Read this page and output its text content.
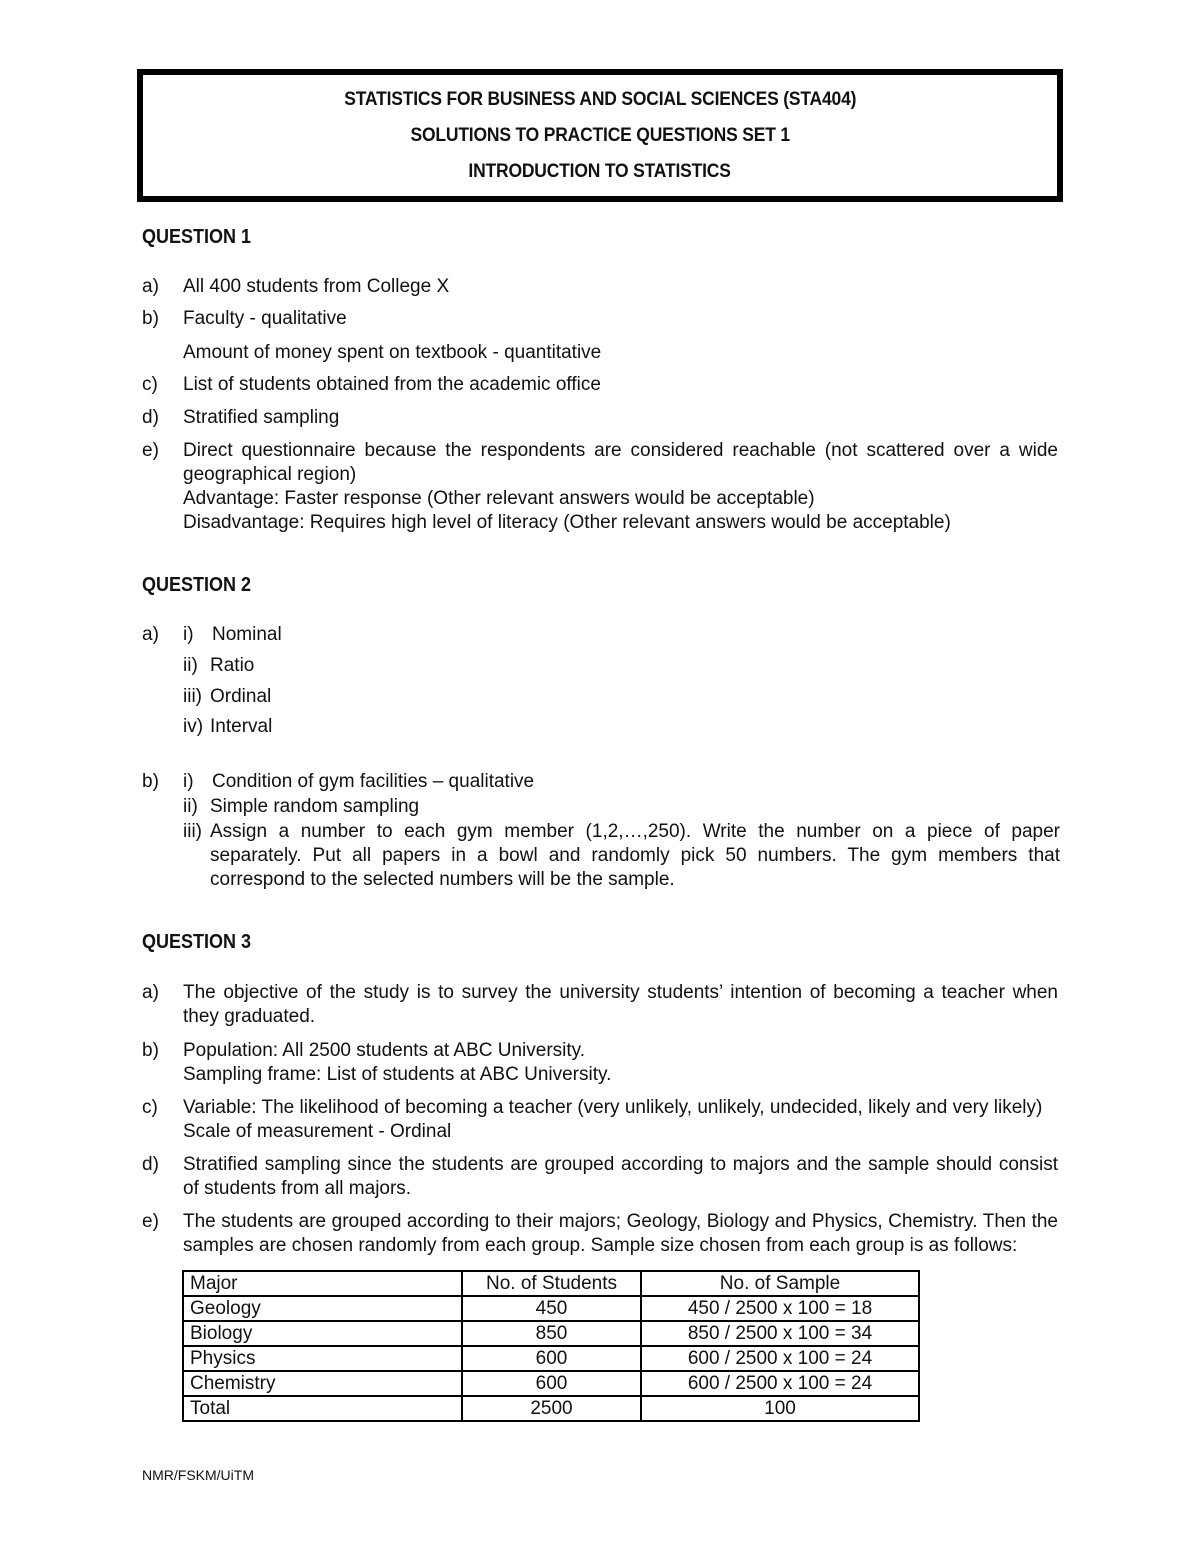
STATISTICS FOR BUSINESS AND SOCIAL SCIENCES (STA404)
SOLUTIONS TO PRACTICE QUESTIONS SET 1
INTRODUCTION TO STATISTICS
QUESTION 1
a) All 400 students from College X
b) Faculty - qualitative
Amount of money spent on textbook - quantitative
c) List of students obtained from the academic office
d) Stratified sampling
e) Direct questionnaire because the respondents are considered reachable (not scattered over a wide geographical region)
Advantage: Faster response (Other relevant answers would be acceptable)
Disadvantage: Requires high level of literacy (Other relevant answers would be acceptable)
QUESTION 2
a) i) Nominal
ii) Ratio
iii) Ordinal
iv) Interval
b) i) Condition of gym facilities – qualitative
ii) Simple random sampling
iii) Assign a number to each gym member (1,2,…,250). Write the number on a piece of paper separately. Put all papers in a bowl and randomly pick 50 numbers. The gym members that correspond to the selected numbers will be the sample.
QUESTION 3
a) The objective of the study is to survey the university students’ intention of becoming a teacher when they graduated.
b) Population: All 2500 students at ABC University.
Sampling frame: List of students at ABC University.
c) Variable: The likelihood of becoming a teacher (very unlikely, unlikely, undecided, likely and very likely)
Scale of measurement - Ordinal
d) Stratified sampling since the students are grouped according to majors and the sample should consist of students from all majors.
e) The students are grouped according to their majors; Geology, Biology and Physics, Chemistry. Then the samples are chosen randomly from each group. Sample size chosen from each group is as follows:
Major	No. of Students	No. of Sample
Geology	450	450 / 2500 x 100 = 18
Biology	850	850 / 2500 x 100 = 34
Physics	600	600 / 2500 x 100 = 24
Chemistry	600	600 / 2500 x 100 = 24
Total	2500	100
NMR/FSKM/UiTM
